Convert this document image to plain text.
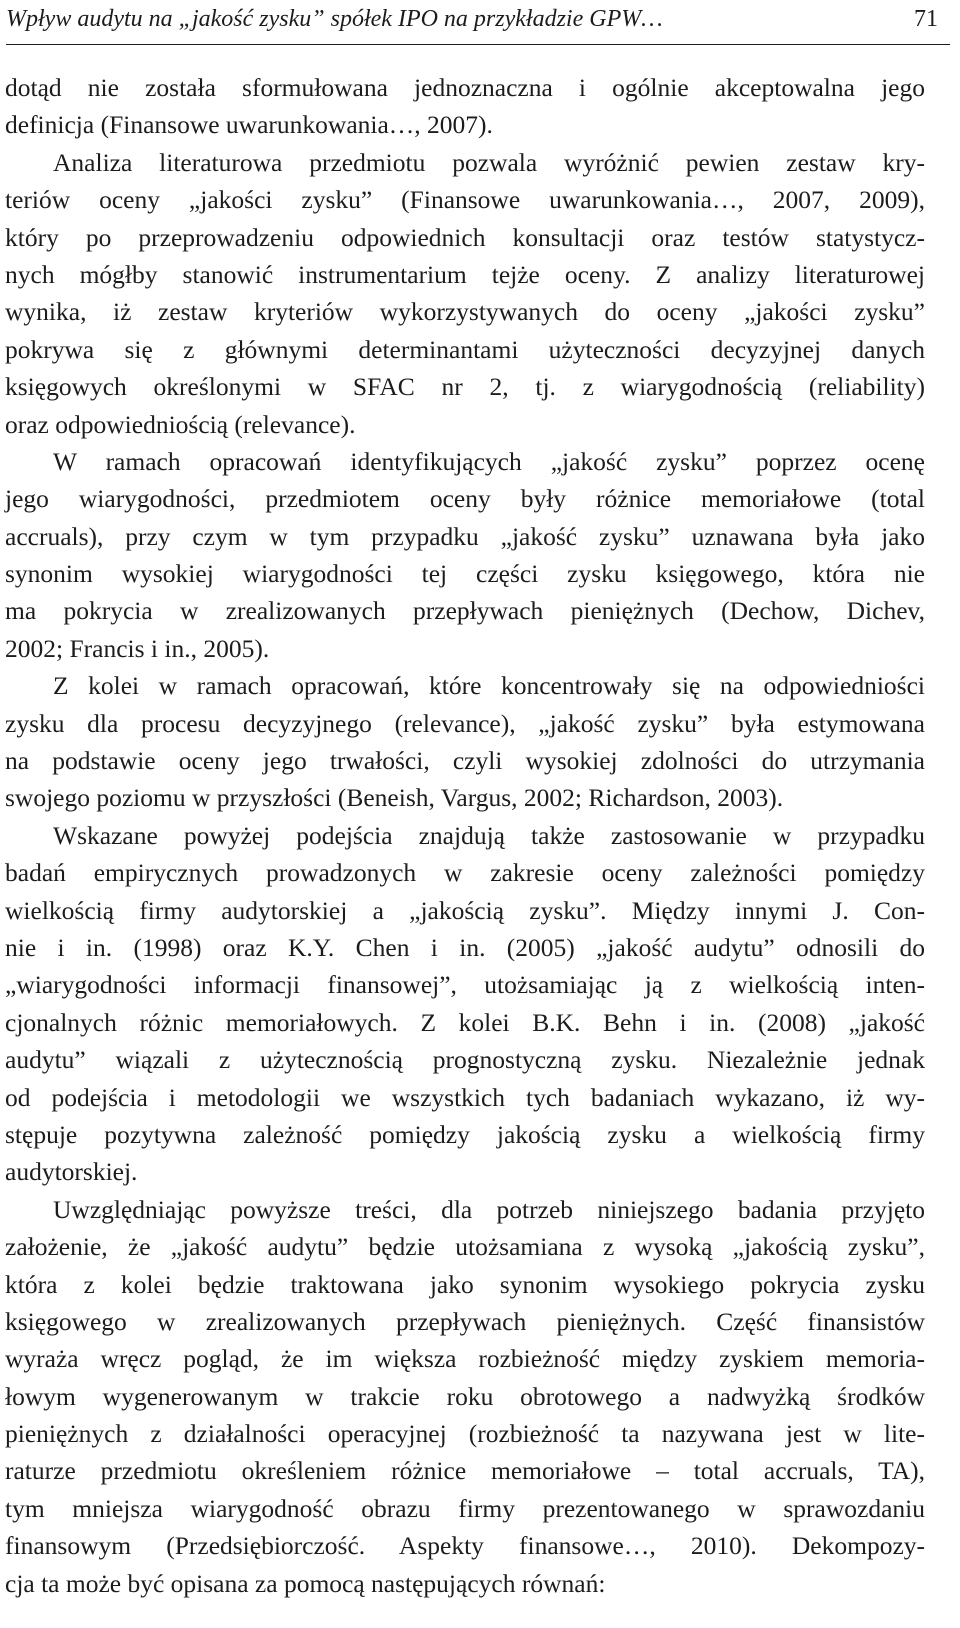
Wpływ audytu na „jakość zysku” spółek IPO na przykładzie GPW…	71
dotąd nie została sformułowana jednoznaczna i ogólnie akceptowalna jego
definicja (Finansowe uwarunkowania…, 2007).
Analiza literaturowa przedmiotu pozwala wyróżnić pewien zestaw kry-
teriów oceny „jakości zysku” (Finansowe uwarunkowania…, 2007, 2009),
który po przeprowadzeniu odpowiednich konsultacji oraz testów statystycz-
nych mógłby stanowić instrumentarium tejże oceny. Z analizy literaturowej
wynika, iż zestaw kryteriów wykorzystywanych do oceny „jakości zysku”
pokrywa się z głównymi determinantami użyteczności decyzyjnej danych
księgowych określonymi w SFAC nr 2, tj. z wiarygodnością (reliability)
oraz odpowiedniością (relevance).
W ramach opracowań identyfikujących „jakość zysku” poprzez ocenę
jego wiarygodności, przedmiotem oceny były różnice memoriałowe (total
accruals), przy czym w tym przypadku „jakość zysku” uznawana była jako
synonim wysokiej wiarygodności tej części zysku księgowego, która nie
ma pokrycia w zrealizowanych przepływach pieniężnych (Dechow, Dichev,
2002; Francis i in., 2005).
Z kolei w ramach opracowań, które koncentrowały się na odpowiedniości
zysku dla procesu decyzyjnego (relevance), „jakość zysku” była estymowana
na podstawie oceny jego trwałości, czyli wysokiej zdolności do utrzymania
swojego poziomu w przyszłości (Beneish, Vargus, 2002; Richardson, 2003).
Wskazane powyżej podejścia znajdują także zastosowanie w przypadku
badań empirycznych prowadzonych w zakresie oceny zależności pomiędzy
wielkością firmy audytorskiej a „jakością zysku”. Między innymi J. Con-
nie i in. (1998) oraz K.Y. Chen i in. (2005) „jakość audytu” odnosili do
„wiarygodności informacji finansowej”, utożsamiając ją z wielkością inten-
cjonalnych różnic memoriałowych. Z kolei B.K. Behn i in. (2008) „jakość
audytu” wiązali z użytecznością prognostyczną zysku. Niezależnie jednak
od podejścia i metodologii we wszystkich tych badaniach wykazano, iż wy-
stępuje pozytywna zależność pomiędzy jakością zysku a wielkością firmy
audytorskiej.
Uwzględniając powyższe treści, dla potrzeb niniejszego badania przyjęto
założenie, że „jakość audytu” będzie utożsamiana z wysoką „jakością zysku”,
która z kolei będzie traktowana jako synonim wysokiego pokrycia zysku
księgowego w zrealizowanych przepływach pieniężnych. Część finansistów
wyraża wręcz pogląd, że im większa rozbieżność między zyskiem memoria-
łowym wygenerowanym w trakcie roku obrotowego a nadwyżką środków
pieniężnych z działalności operacyjnej (rozbieżność ta nazywana jest w lite-
raturze przedmiotu określeniem różnice memoriałowe – total accruals, TA),
tym mniejsza wiarygodność obrazu firmy prezentowanego w sprawozdaniu
finansowym (Przedsiębiorczość. Aspekty finansowe…, 2010). Dekompozy-
cja ta może być opisana za pomocą następujących równań:
